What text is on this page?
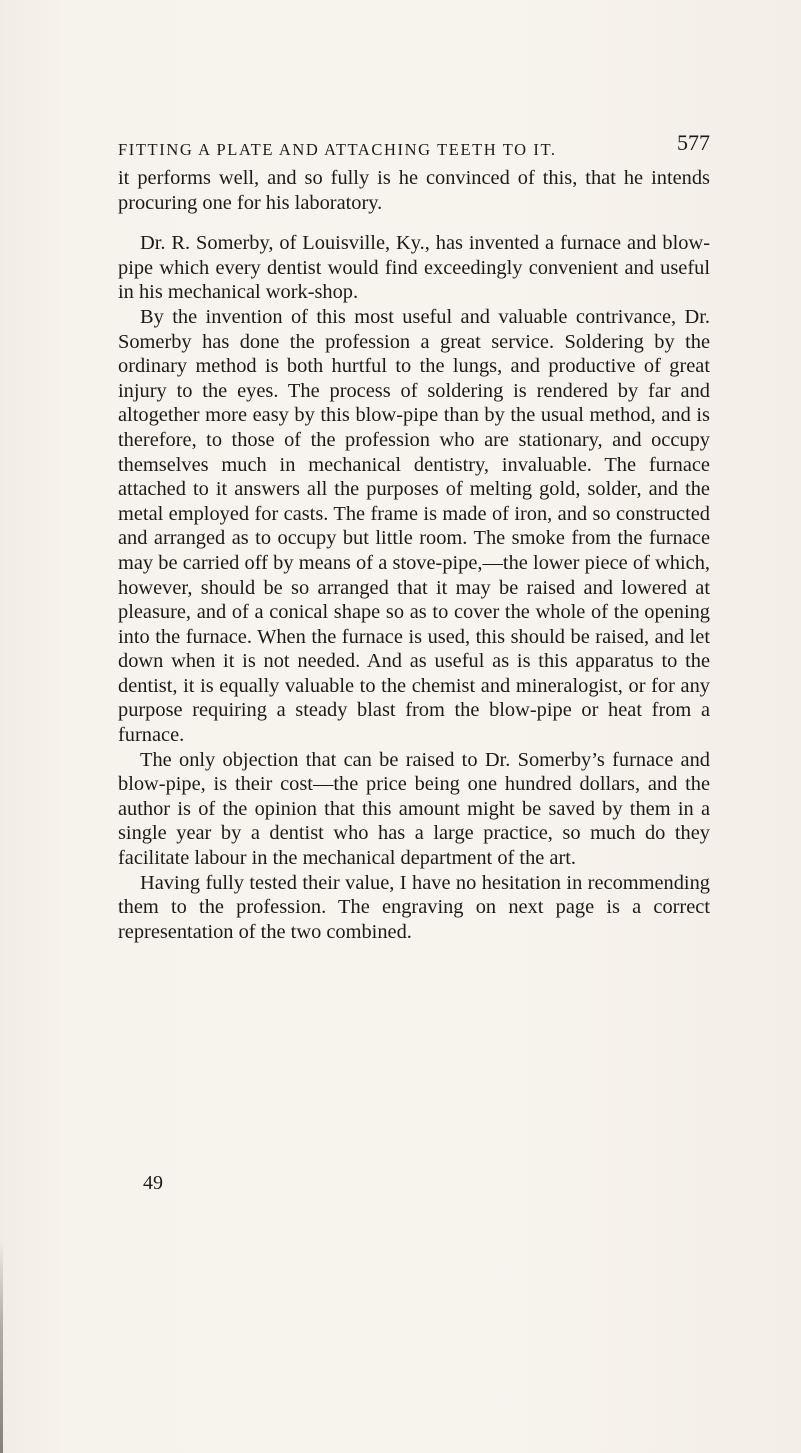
FITTING A PLATE AND ATTACHING TEETH TO IT.	577

it performs well, and so fully is he convinced of this, that he intends procuring one for his laboratory.

Dr. R. Somerby, of Louisville, Ky., has invented a furnace and blow-pipe which every dentist would find exceedingly convenient and useful in his mechanical work-shop.

By the invention of this most useful and valuable contrivance, Dr. Somerby has done the profession a great service. Soldering by the ordinary method is both hurtful to the lungs, and productive of great injury to the eyes. The process of soldering is rendered by far and altogether more easy by this blow-pipe than by the usual method, and is therefore, to those of the profession who are stationary, and occupy themselves much in mechanical dentistry, invaluable. The furnace attached to it answers all the purposes of melting gold, solder, and the metal employed for casts. The frame is made of iron, and so constructed and arranged as to occupy but little room. The smoke from the furnace may be carried off by means of a stove-pipe,—the lower piece of which, however, should be so arranged that it may be raised and lowered at pleasure, and of a conical shape so as to cover the whole of the opening into the furnace. When the furnace is used, this should be raised, and let down when it is not needed. And as useful as is this apparatus to the dentist, it is equally valuable to the chemist and mineralogist, or for any purpose requiring a steady blast from the blow-pipe or heat from a furnace.

The only objection that can be raised to Dr. Somerby’s furnace and blow-pipe, is their cost—the price being one hundred dollars, and the author is of the opinion that this amount might be saved by them in a single year by a dentist who has a large practice, so much do they facilitate labour in the mechanical department of the art.

Having fully tested their value, I have no hesitation in recommending them to the profession. The engraving on next page is a correct representation of the two combined.

49
